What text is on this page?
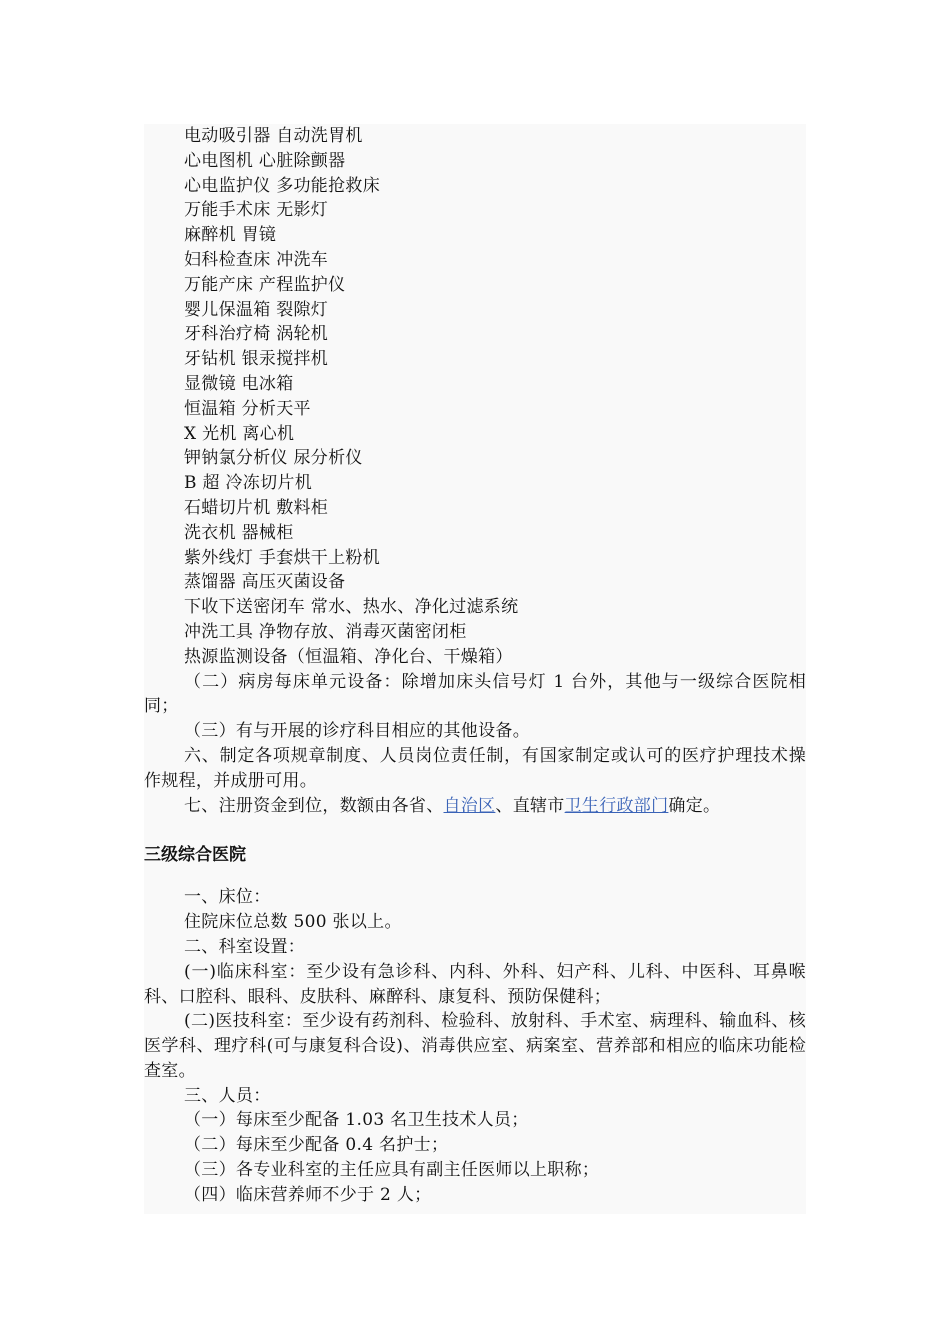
电动吸引器 自动洗胃机
心电图机 心脏除颤器
心电监护仪 多功能抢救床
万能手术床 无影灯
麻醉机 胃镜
妇科检查床 冲洗车
万能产床 产程监护仪
婴儿保温箱 裂隙灯
牙科治疗椅 涡轮机
牙钻机 银汞搅拌机
显微镜 电冰箱
恒温箱 分析天平
X 光机 离心机
钾钠氯分析仪 尿分析仪
B 超 冷冻切片机
石蜡切片机 敷料柜
洗衣机 器械柜
紫外线灯 手套烘干上粉机
蒸馏器 高压灭菌设备
下收下送密闭车 常水、热水、净化过滤系统
冲洗工具 净物存放、消毒灭菌密闭柜
热源监测设备（恒温箱、净化台、干燥箱）
（二）病房每床单元设备：除增加床头信号灯 1 台外，其他与一级综合医院相同；
（三）有与开展的诊疗科目相应的其他设备。
六、制定各项规章制度、人员岗位责任制，有国家制定或认可的医疗护理技术操作规程，并成册可用。
七、注册资金到位，数额由各省、自治区、直辖市卫生行政部门确定。
三级综合医院
一、床位：
住院床位总数 500 张以上。
二、科室设置：
(一)临床科室：至少设有急诊科、内科、外科、妇产科、儿科、中医科、耳鼻喉科、口腔科、眼科、皮肤科、麻醉科、康复科、预防保健科；
(二)医技科室：至少设有药剂科、检验科、放射科、手术室、病理科、输血科、核医学科、理疗科(可与康复科合设)、消毒供应室、病案室、营养部和相应的临床功能检查室。
三、人员：
（一）每床至少配备 1.03 名卫生技术人员；
（二）每床至少配备 0.4 名护士；
（三）各专业科室的主任应具有副主任医师以上职称；
（四）临床营养师不少于 2 人；
